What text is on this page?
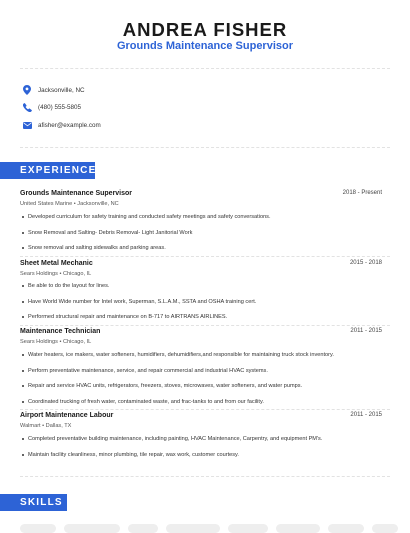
ANDREA FISHER
Grounds Maintenance Supervisor
Jacksonville, NC
(480) 555-5805
afisher@example.com
EXPERIENCE
Grounds Maintenance Supervisor	2018 - Present
United States Marine • Jacksonville, NC
Developed curriculum for safety training and conducted safety meetings and safety conversations.
Snow Removal and Salting- Debris Removal- Light Janitorial Work
Snow removal and salting sidewalks and parking areas.
Sheet Metal Mechanic	2015 - 2018
Sears Holdings • Chicago, IL
Be able to do the layout for lines.
Have World Wide number for Intel work, Superman, S.L.A.M., SSTA and OSHA training cert.
Performed structural repair and maintenance on B-717 to AIRTRANS AIRLINES.
Maintenance Technician	2011 - 2015
Sears Holdings • Chicago, IL
Water heaters, ice makers, water softeners, humidifiers, dehumidifiers,and responsible for maintaining truck stock inventory.
Perform preventative maintenance, service, and repair commercial and industrial HVAC systems.
Repair and service HVAC units, refrigerators, freezers, stoves, microwaves, water softeners, and water pumps.
Coordinated trucking of fresh water, contaminated waste, and frac-tanks to and from our facility.
Airport Maintenance Labour	2011 - 2015
Walmart • Dallas, TX
Completed preventative building maintenance, including painting, HVAC Maintenance, Carpentry, and equipment PM's.
Maintain facility cleanliness, minor plumbing, tile repair, wax work, customer courtesy.
SKILLS
